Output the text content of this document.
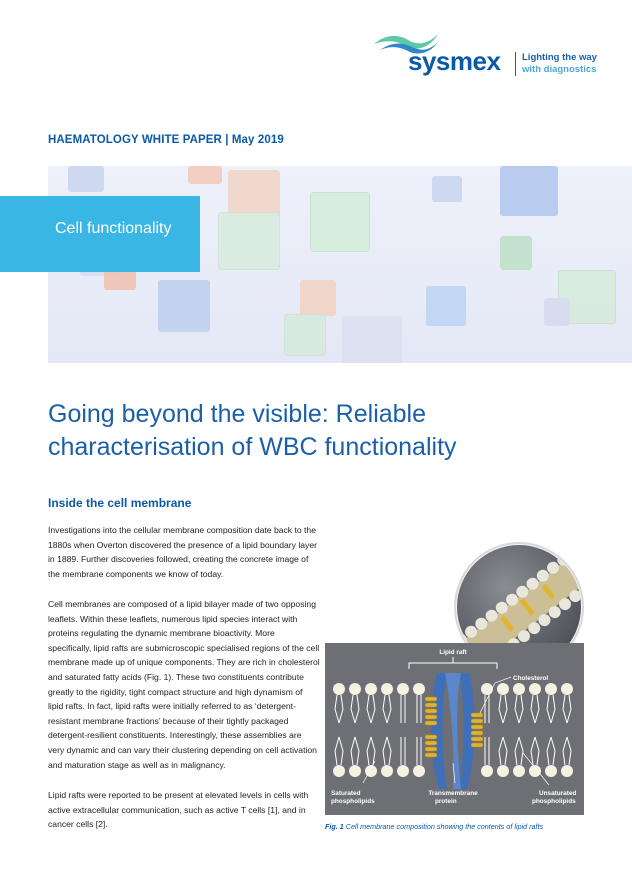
sysmex Lighting the way
with diagnostics
HAEMATOLOGY WHITE PAPER | May 2019
Cell functionality
Going beyond the visible: Reliable characterisation of WBC functionality
Inside the cell membrane

Investigations into the cellular membrane composition date back to the 1880s when Overton discovered the presence of a lipid boundary layer in 1889. Further discoveries followed, creating the concrete image of the membrane components we know of today.

Cell membranes are composed of a lipid bilayer made of two opposing leaflets. Within these leaflets, numerous lipid species interact with proteins regulating the dynamic membrane bioactivity. More specifically, lipid rafts are submicroscopic specialised regions of the cell membrane made up of unique components. They are rich in cholesterol and saturated fatty acids (Fig. 1). These two constituents contribute greatly to the rigidity, tight compact structure and high dynamism of lipid rafts. In fact, lipid rafts were initially referred to as ‘detergent-resistant membrane fractions’ because of their tightly packaged detergent-resilient constituents. Interestingly, these assemblies are very dynamic and can vary their clustering depending on cell activation and maturation stage as well as in malignancy.

Lipid rafts were reported to be present at elevated levels in cells with active extracellular communication, such as active T cells [1], and in cancer cells [2].

Lipid raft
Cholesterol
Saturated
phospholipids
Transmembrane
protein
Unsaturated
phospholipids

Fig. 1 Cell membrane composition showing the contents of lipid rafts
